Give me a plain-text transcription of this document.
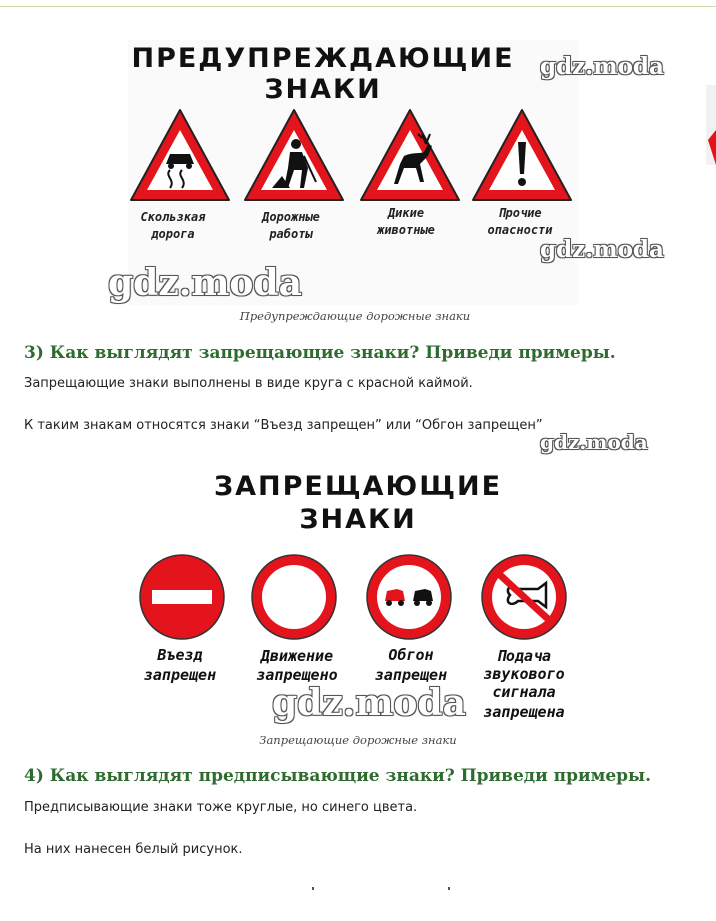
ПРЕДУПРЕЖДАЮЩИЕ
ЗНАКИ
Скользкая
дорога
Дорожные
работы
Дикие
животные
Прочие
опасности
gdz.moda
gdz.moda
gdz.moda
Предупреждающие дорожные знаки
3) Как выглядят запрещающие знаки? Приведи примеры.

Запрещающие знаки выполнены в виде круга с красной каймой.

К таким знакам относятся знаки “Въезд запрещен” или “Обгон запрещен”

gdz.moda
ЗАПРЕЩАЮЩИЕ
ЗНАКИ
Въезд
запрещен
Движение
запрещено
Обгон
запрещен
Подача
звукового
сигнала
запрещена
gdz.moda
Запрещающие дорожные знаки
4) Как выглядят предписывающие знаки? Приведи примеры.

Предписывающие знаки тоже круглые, но синего цвета.

На них нанесен белый рисунок.
